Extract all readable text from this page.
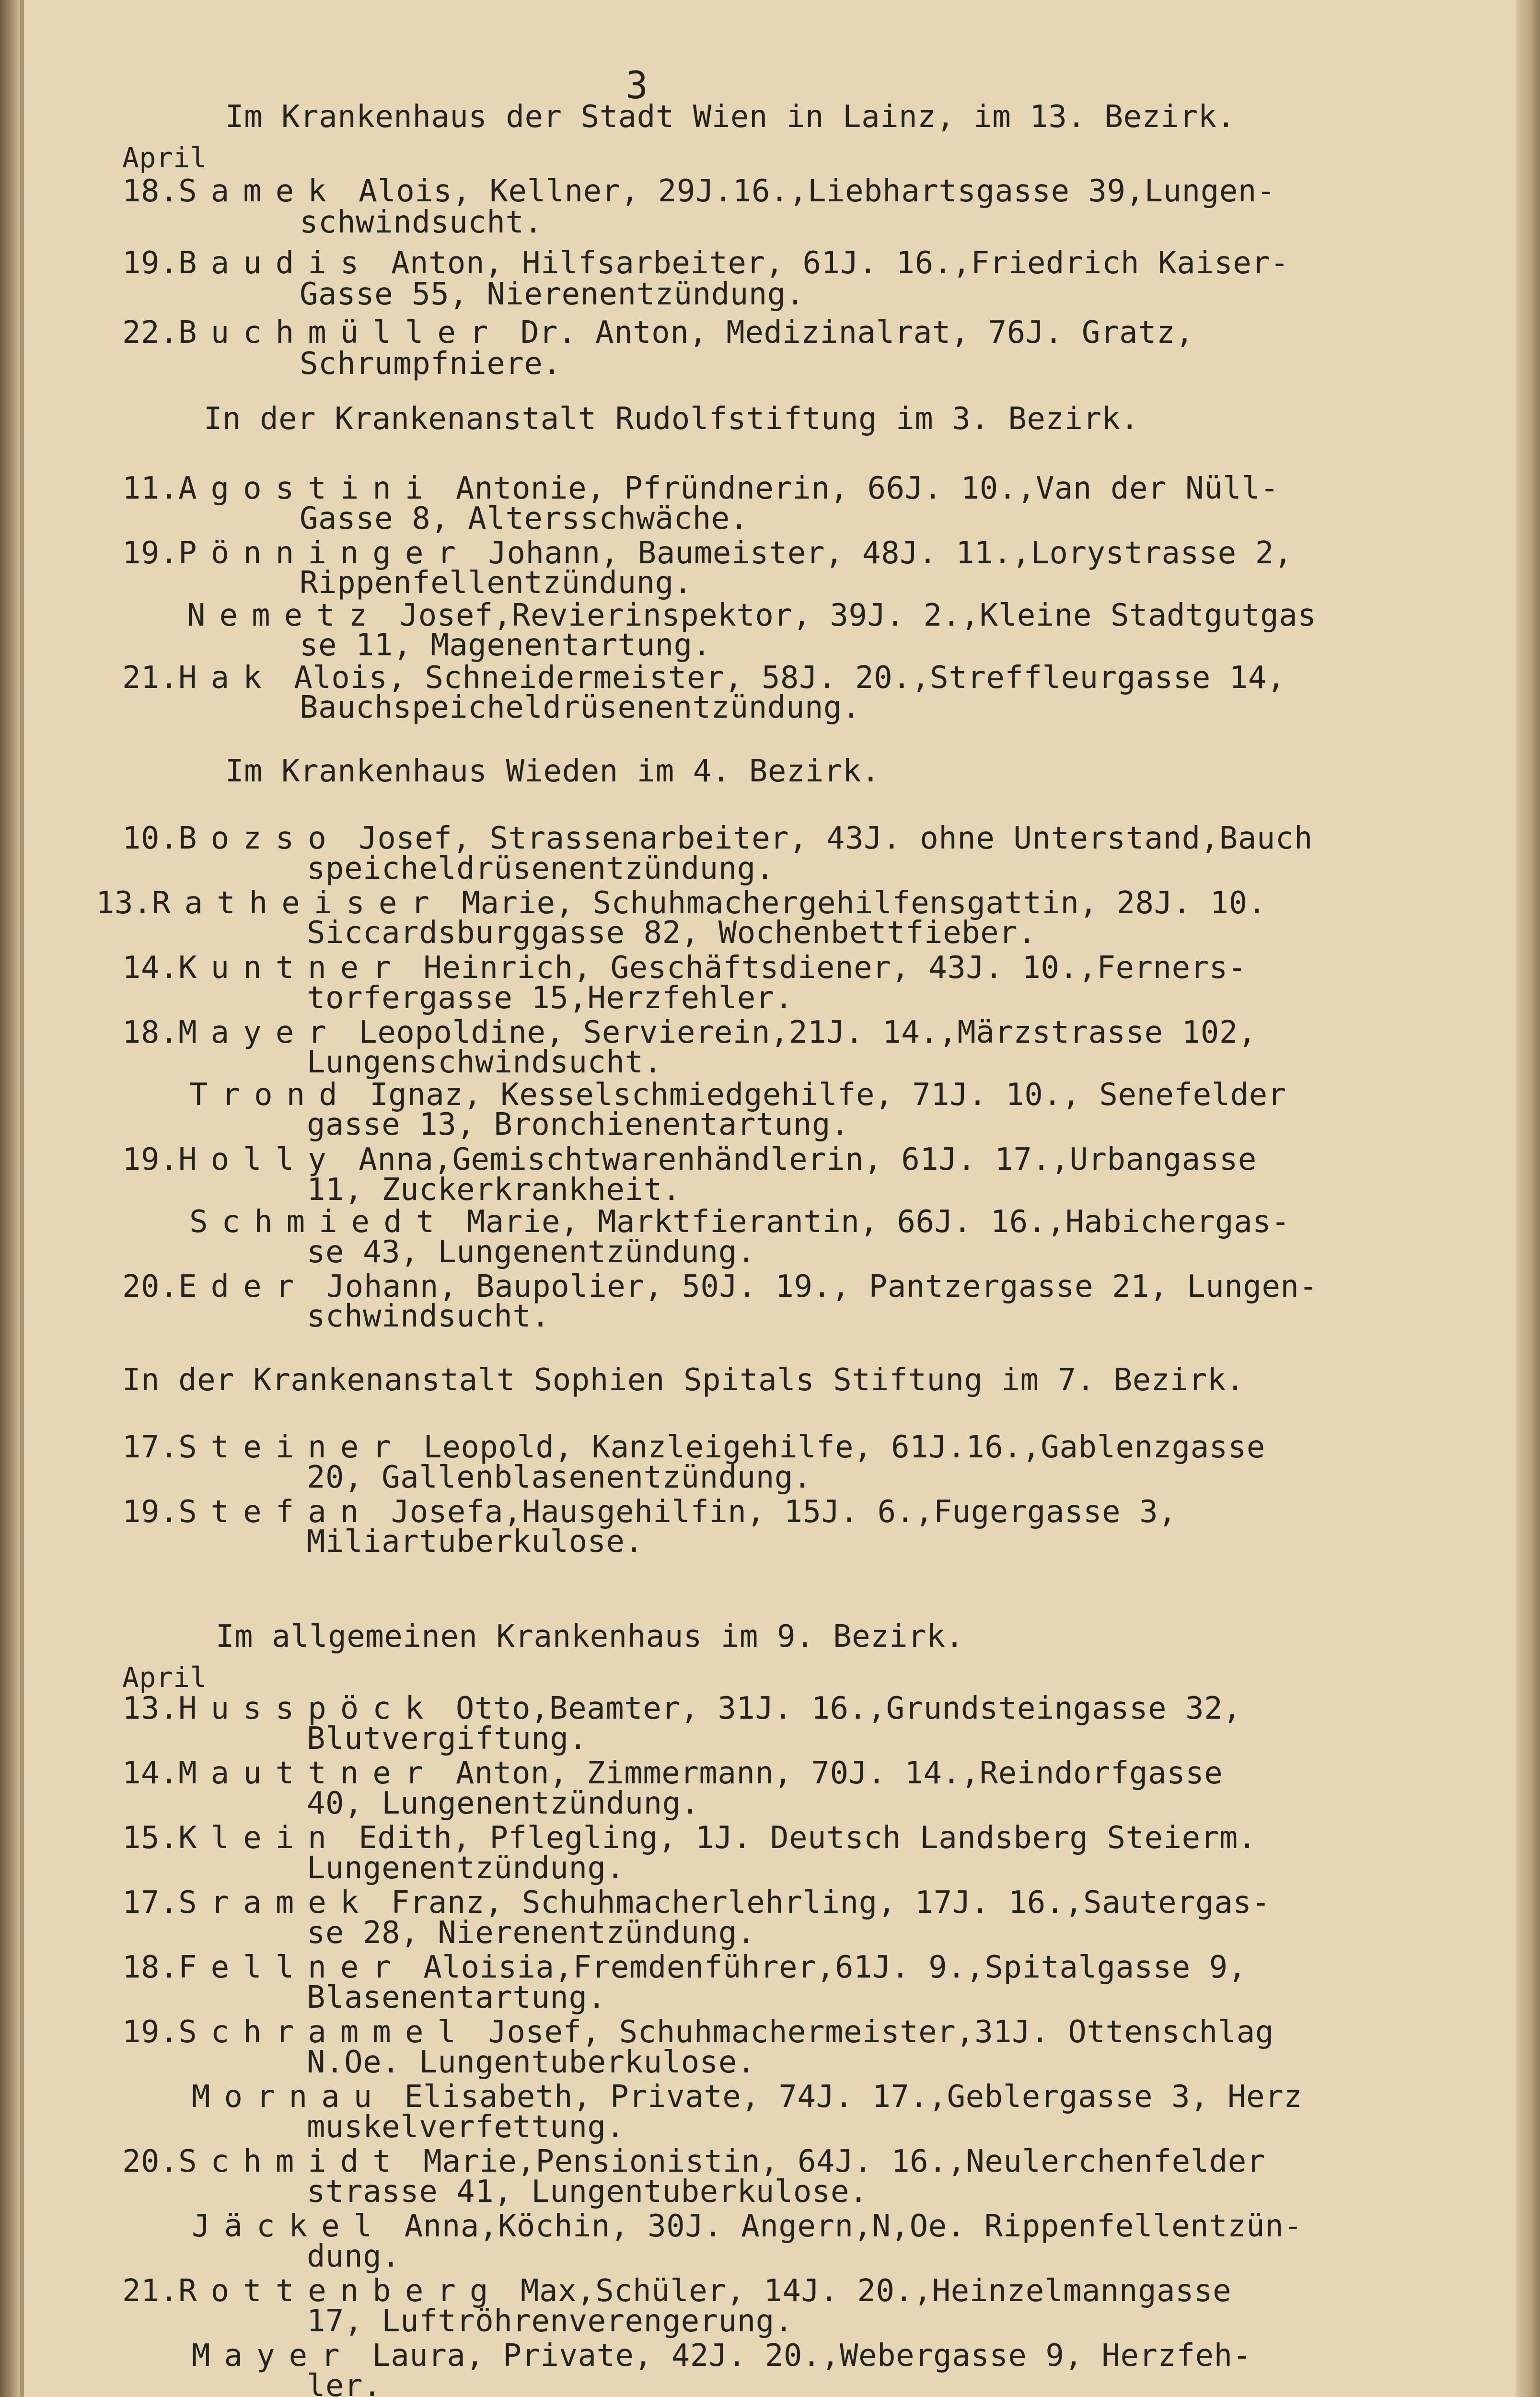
3
Im Krankenhaus der Stadt Wien in Lainz, im 13. Bezirk.
April
18.Samek Alois, Kellner, 29J.16.,Liebhartsgasse 39,Lungen-
schwindsucht.
19.Baudis Anton, Hilfsarbeiter, 61J. 16.,Friedrich Kaiser-
Gasse 55, Nierenentzündung.
22.Buchmüller Dr. Anton, Medizinalrat, 76J. Gratz,
Schrumpfniere.
In der Krankenanstalt Rudolfstiftung im 3. Bezirk.
11.Agostini Antonie, Pfründnerin, 66J. 10.,Van der Nüll-
Gasse 8, Altersschwäche.
19.Pönninger Johann, Baumeister, 48J. 11.,Lorystrasse 2,
Rippenfellentzündung.
Nemetz Josef,Revierinspektor, 39J. 2.,Kleine Stadtgutgas
se 11, Magenentartung.
21.Hak Alois, Schneidermeister, 58J. 20.,Streffleurgasse 14,
Bauchspeicheldrüsenentzündung.
Im Krankenhaus Wieden im 4. Bezirk.
10.Bozso Josef, Strassenarbeiter, 43J. ohne Unterstand,Bauch
speicheldrüsenentzündung.
13.Ratheiser Marie, Schuhmachergehilfensgattin, 28J. 10.
Siccardsburggasse 82, Wochenbettfieber.
14.Kuntner Heinrich, Geschäftsdiener, 43J. 10.,Ferners-
torfergasse 15,Herzfehler.
18.Mayer Leopoldine, Servierein,21J. 14.,Märzstrasse 102,
Lungenschwindsucht.
Trond Ignaz, Kesselschmiedgehilfe, 71J. 10., Senefelder
gasse 13, Bronchienentartung.
19.Holly Anna,Gemischtwarenhändlerin, 61J. 17.,Urbangasse
11, Zuckerkrankheit.
Schmiedt Marie, Marktfierantin, 66J. 16.,Habichergas-
se 43, Lungenentzündung.
20.Eder Johann, Baupolier, 50J. 19., Pantzergasse 21, Lungen-
schwindsucht.
In der Krankenanstalt Sophien Spitals Stiftung im 7. Bezirk.
17.Steiner Leopold, Kanzleigehilfe, 61J.16.,Gablenzgasse
20, Gallenblasenentzündung.
19.Stefan Josefa,Hausgehilfin, 15J. 6.,Fugergasse 3,
Miliartuberkulose.
Im allgemeinen Krankenhaus im 9. Bezirk.
April
13.Husspöck Otto,Beamter, 31J. 16.,Grundsteingasse 32,
Blutvergiftung.
14.Mauttner Anton, Zimmermann, 70J. 14.,Reindorfgasse
40, Lungenentzündung.
15.Klein Edith, Pflegling, 1J. Deutsch Landsberg Steierm.
Lungenentzündung.
17.Sramek Franz, Schuhmacherlehrling, 17J. 16.,Sautergas-
se 28, Nierenentzündung.
18.Fellner Aloisia,Fremdenführer,61J. 9.,Spitalgasse 9,
Blasenentartung.
19.Schrammel Josef, Schuhmachermeister,31J. Ottenschlag
N.Oe. Lungentuberkulose.
Mornau Elisabeth, Private, 74J. 17.,Geblergasse 3, Herz
muskelverfettung.
20.Schmidt Marie,Pensionistin, 64J. 16.,Neulerchenfelder
strasse 41, Lungentuberkulose.
Jäckel Anna,Köchin, 30J. Angern,N,Oe. Rippenfellentzün-
dung.
21.Rottenberg Max,Schüler, 14J. 20.,Heinzelmanngasse
17, Luftröhrenverengerung.
Mayer Laura, Private, 42J. 20.,Webergasse 9, Herzfeh-
ler.
